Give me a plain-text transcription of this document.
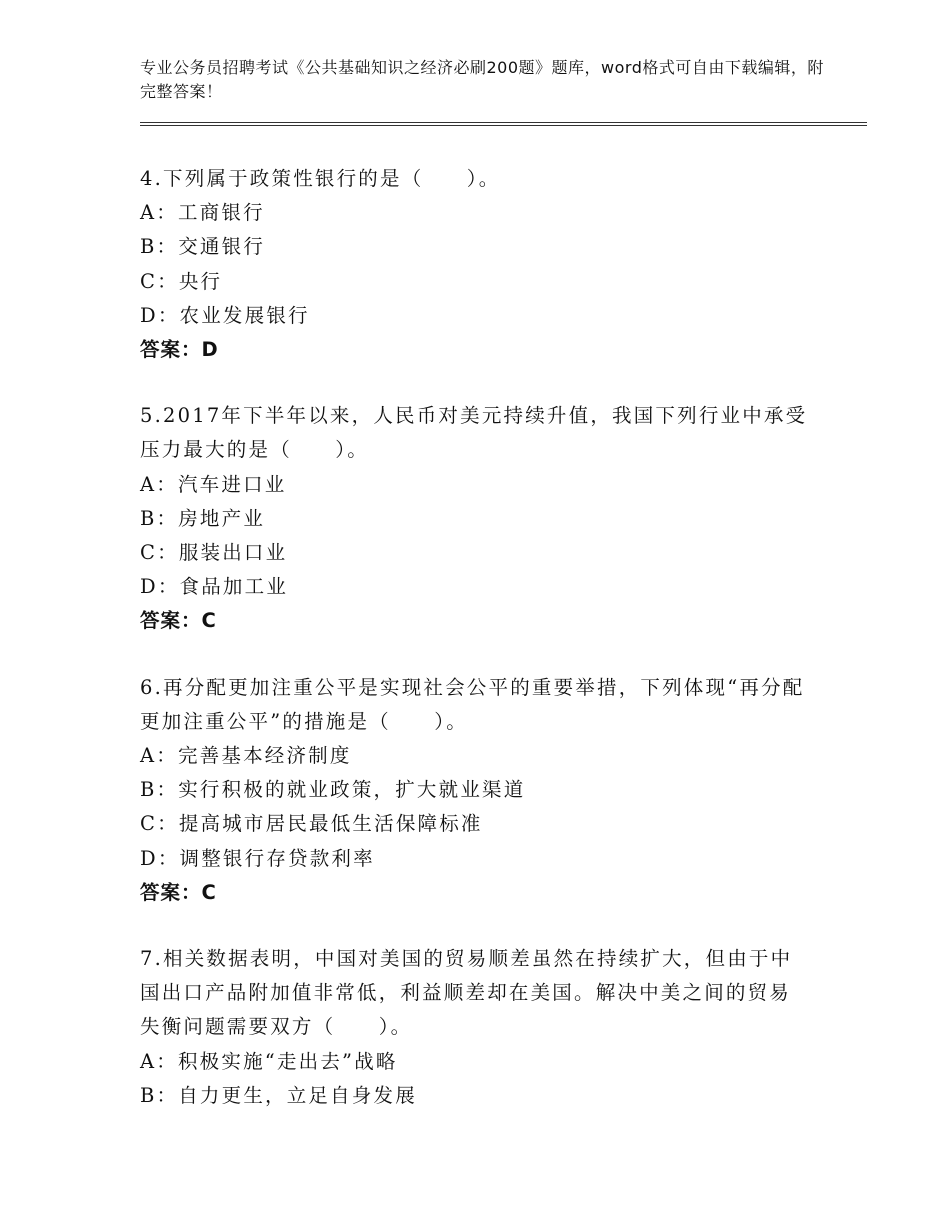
专业公务员招聘考试《公共基础知识之经济必刷200题》题库，word格式可自由下载编辑，附完整答案！

4.下列属于政策性银行的是（　　）。

A：工商银行

B：交通银行

C：央行

D：农业发展银行

答案：D

5.2017年下半年以来，人民币对美元持续升值，我国下列行业中承受压力最大的是（　　）。

A：汽车进口业

B：房地产业

C：服装出口业

D：食品加工业

答案：C

6.再分配更加注重公平是实现社会公平的重要举措，下列体现“再分配更加注重公平”的措施是（　　）。

A：完善基本经济制度

B：实行积极的就业政策，扩大就业渠道

C：提高城市居民最低生活保障标准

D：调整银行存贷款利率

答案：C

7.相关数据表明，中国对美国的贸易顺差虽然在持续扩大，但由于中国出口产品附加值非常低，利益顺差却在美国。解决中美之间的贸易失衡问题需要双方（　　）。

A：积极实施“走出去”战略

B：自力更生，立足自身发展
